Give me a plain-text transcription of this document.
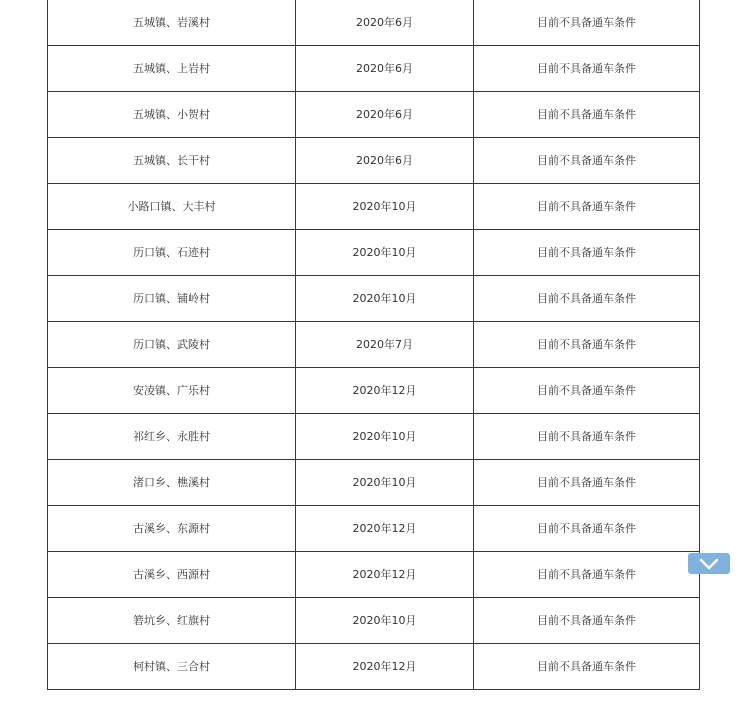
五城镇、岩溪村	2020年6月	目前不具备通车条件
五城镇、上岩村	2020年6月	目前不具备通车条件
五城镇、小贺村	2020年6月	目前不具备通车条件
五城镇、长干村	2020年6月	目前不具备通车条件
小路口镇、大丰村	2020年10月	目前不具备通车条件
历口镇、石迹村	2020年10月	目前不具备通车条件
历口镇、铺岭村	2020年10月	目前不具备通车条件
历口镇、武陵村	2020年7月	目前不具备通车条件
安凌镇、广乐村	2020年12月	目前不具备通车条件
祁红乡、永胜村	2020年10月	目前不具备通车条件
渚口乡、樵溪村	2020年10月	目前不具备通车条件
古溪乡、东源村	2020年12月	目前不具备通车条件
古溪乡、西源村	2020年12月	目前不具备通车条件
箬坑乡、红旗村	2020年10月	目前不具备通车条件
柯村镇、三合村	2020年12月	目前不具备通车条件
